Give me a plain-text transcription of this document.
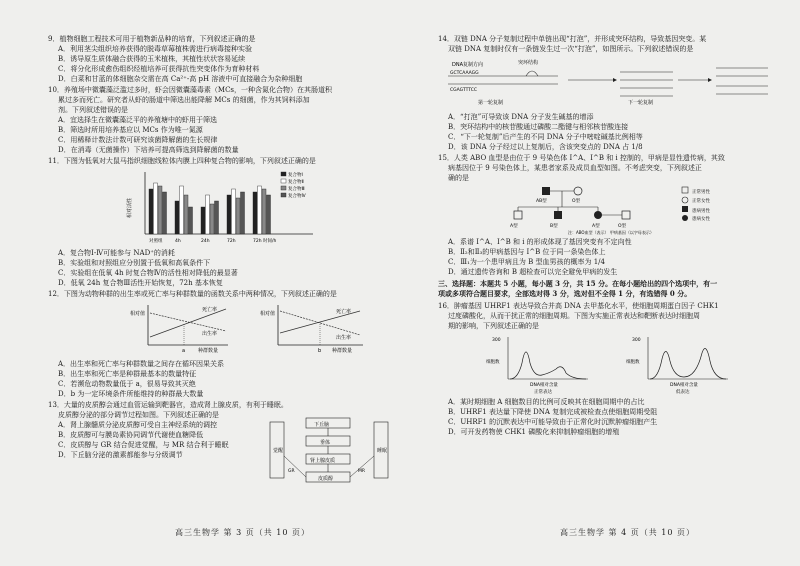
9．植物细胞工程技术可用于植物新品种的培育，下列叙述正确的是
A．利用茎尖组织培养获得的脱毒草莓植株需进行病毒接种实验
B．诱导原生质体融合获得的玉米植株，其植性状状容易延续
C．将分化形成愈伤组织经植培养可获得抗性突变体作为育种材料
D．白菜和甘蓝的体细胞杂交需在高 Ca²⁺-高 pH 溶液中可直接融合为杂种细胞
10．养殖场中微囊藻泛滥过多时，虾会因微囊藻毒素（MCs，一种含氮化合物）在其肠道积
累过多而死亡。研究者从虾的肠道中筛选出能降解 MCs 的细菌，作为其饲料添加
剂。下列叙述错误的是
A．宜选择生在微囊藻泛平的养殖塘中的虾用于筛选
B．筛选时所用培养基应以 MCs 作为唯一氮源
C．用稀释计数法计数可研究该菌降解菌的生长规律
D．在消毒（无菌操作）下培养可提高筛选到降解菌的数量
11．下图为低氧对大鼠马指织细胞线粒体内膜上四种复合物的影响，下列叙述正确的是
相对活性
对照组	4h	24h	72h	72h 时间/h
复合物Ⅰ
复合物Ⅱ
复合物Ⅲ
复合物Ⅳ
A．复合物Ⅰ-Ⅳ可能参与 NAD⁺的消耗
B．实验组和对照组应分别置于低氧和高氧条件下
C．实验组在低氧 4h 时复合物Ⅳ的活性相对降低的最显著
D．低氧 24h 复合物Ⅲ活性开始恢复，72h 基本恢复
12．下图为动物种群的出生率或死亡率与种群数量的函数关系中两种情况，下列叙述正确的是
相对值
死亡率
出生率
a	种群数量
相对值	死亡率
出生率
b 种群数量
A．出生率和死亡率与种群数量之间存在循环因果关系
B．出生率和死亡率是种群最基本的数量特征
C．若濒危动物数量低于 a，很易导致其灭绝
D．b 为一定环境条件所能维持的种群最大数量
13．大量的皮质醇会通过血管运输到靶器官，造成肾上腺皮质，有利于睡眠。
皮质醇分泌的部分调节过程如图。下列叙述正确的是
A．肾上腺髓质分泌皮质醇可受自主神经系统的调控
B．皮质醇可与膜岛素协同调节代谢使血糖降低
C．皮质醇与 GR 结合促进觉醒，与 MR 结合利于睡眠
D．下丘脑分泌的激素都能参与分级调节
下丘脑
垂体
肾上腺皮质
皮质醇
觉醒	睡眠
GR	MR
14．双链 DNA 分子复制过程中单链出现“打泡”，并形成突环结构，导致基因突变。某
双链 DNA 复制时仅有一条链发生过一次“打泡”，如图所示。下列叙述错误的是
DNA复制方向	突环结构
GCTCAAAGG
CGAGTTTCC
下一轮复制
第一轮复制
A．“打泡”可导致该 DNA 分子发生碱基的增添
B．突环结构中的核苷酸通过磷酸二酯键与相邻核苷酸连接
C．“下一轮复制”后产生的不同 DNA 分子中嘧啶碱基比例相等
D．该 DNA 分子经过以上复制后，含该突变点的 DNA 占 1/8
15．人类 ABO 血型是由位于 9 号染色体 I^A、I^B 和 i 控制的，甲病是显性遗传病，其致
病基因位于 9 号染色体上，某患者家系及成员血型如图。不考虑突变，下列叙述正
确的是
AB型	O型
A型	B型	A型	O型
正常男性
正常女性
患病男性
患病女性
注：ABO血型（表示） 甲病基因（以字母表示）
A．系谱 I^A、I^B 和 i 的形成体现了基因突变有不定向性
B．Ⅱ₂和Ⅱ₃的甲病基因与 I^B 位于同一条染色体上
C．Ⅲ₁为一个患甲病且为 B 型血男孩的概率为 1/4
D．通过遗传咨询和 B 超检查可以完全避免甲病的发生
三、选择题：本题共 5 小题，每小题 3 分，共 15 分。在每小题给出的四个选项中，有一
项或多项符合题目要求，全部选对得 3 分，选对但不全得 1 分，有选错得 0 分。
16．肿瘤基因 UHRF1 表达导致合并高 DNA 去甲基化水平，使细胞周期蛋白因子 CHK1
过度磷酸化，从而干扰正常的细胞周期。下图为实施正常表达和靶断表达时细胞周
期的影响，下列叙述正确的是
300
细胞数
DNA相对含量
正常表达
300
细胞数
DNA相对含量
低表达
A．某时期细胞 A 细胞数目的比例可反映其在细胞周期中的占比
B．UHRF1 表达量下降使 DNA 复制完成被检查点使细胞周期受阻
C．UHRF1 的沉默表达中可能导致由于正常化时沉默肿瘤细胞产生
D．可开发药物使 CHK1 磷酸化来抑制肿瘤细胞的增殖
高三生物学 第 3 页（共 10 页）	高三生物学 第 4 页（共 10 页）
